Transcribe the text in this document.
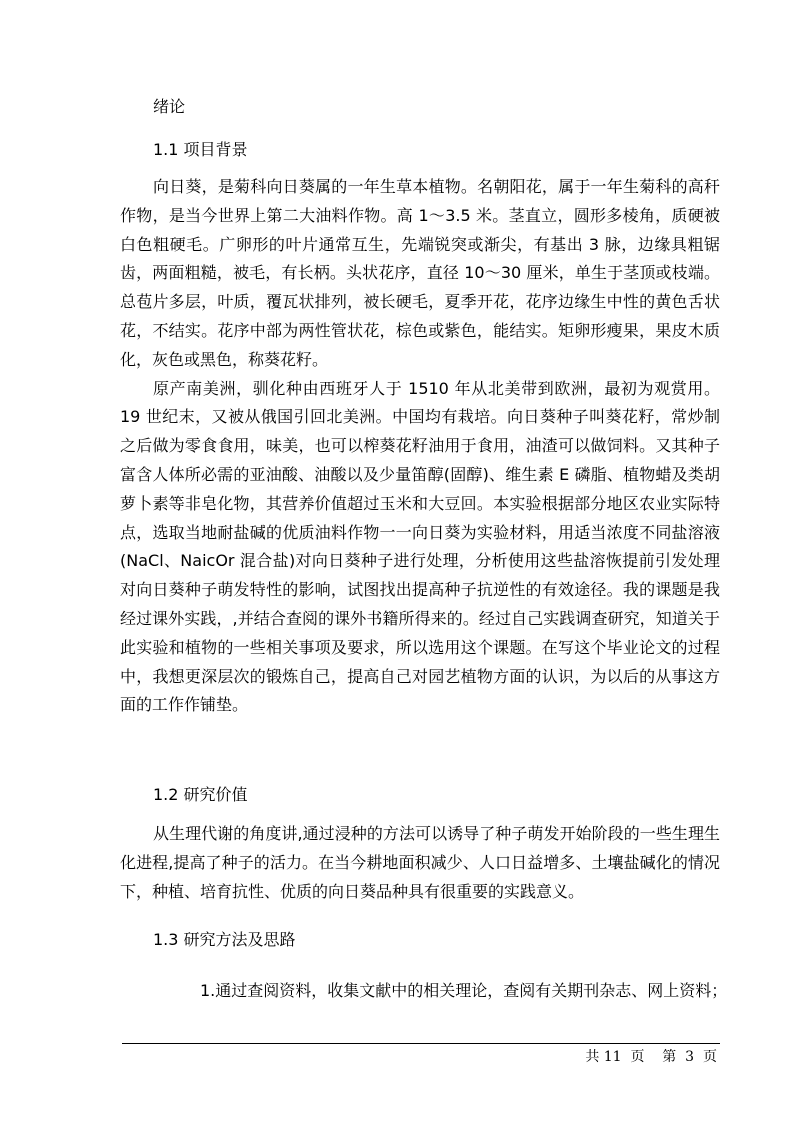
绪论
1.1 项目背景

向日葵，是菊科向日葵属的一年生草本植物。名朝阳花，属于一年生菊科的高秆作物，是当今世界上第二大油料作物。高 1～3.5 米。茎直立，圆形多棱角，质硬被白色粗硬毛。广卵形的叶片通常互生，先端锐突或渐尖，有基出 3 脉，边缘具粗锯齿，两面粗糙，被毛，有长柄。头状花序，直径 10～30 厘米，单生于茎顶或枝端。总苞片多层，叶质，覆瓦状排列，被长硬毛，夏季开花，花序边缘生中性的黄色舌状花，不结实。花序中部为两性管状花，棕色或紫色，能结实。矩卵形瘦果，果皮木质化，灰色或黑色，称葵花籽。

原产南美洲，驯化种由西班牙人于 1510 年从北美带到欧洲，最初为观赏用。19 世纪末，又被从俄国引回北美洲。中国均有栽培。向日葵种子叫葵花籽，常炒制之后做为零食食用，味美，也可以榨葵花籽油用于食用，油渣可以做饲料。又其种子富含人体所必需的亚油酸、油酸以及少量笛醇(固醇)、维生素 E 磷脂、植物蜡及类胡萝卜素等非皂化物，其营养价值超过玉米和大豆回。本实验根据部分地区农业实际特点，选取当地耐盐碱的优质油料作物一一向日葵为实验材料，用适当浓度不同盐溶液(NaCl、NaicOr 混合盐)对向日葵种子进行处理，分析使用这些盐溶恢提前引发处理对向日葵种子萌发特性的影响，试图找出提高种子抗逆性的有效途径。我的课题是我经过课外实践，,并结合查阅的课外书籍所得来的。经过自己实践调查研究，知道关于此实验和植物的一些相关事项及要求，所以选用这个课题。在写这个毕业论文的过程中，我想更深层次的锻炼自己，提高自己对园艺植物方面的认识，为以后的从事这方面的工作作铺垫。

1.2 研究价值

从生理代谢的角度讲,通过浸种的方法可以诱导了种子萌发开始阶段的一些生理生化进程,提高了种子的活力。在当今耕地面积减少、人口日益增多、土壤盐碱化的情况下，种植、培育抗性、优质的向日葵品种具有很重要的实践意义。

1.3 研究方法及思路
1.通过查阅资料，收集文献中的相关理论，查阅有关期刊杂志、网上资料；
共 11  页    第  3  页
